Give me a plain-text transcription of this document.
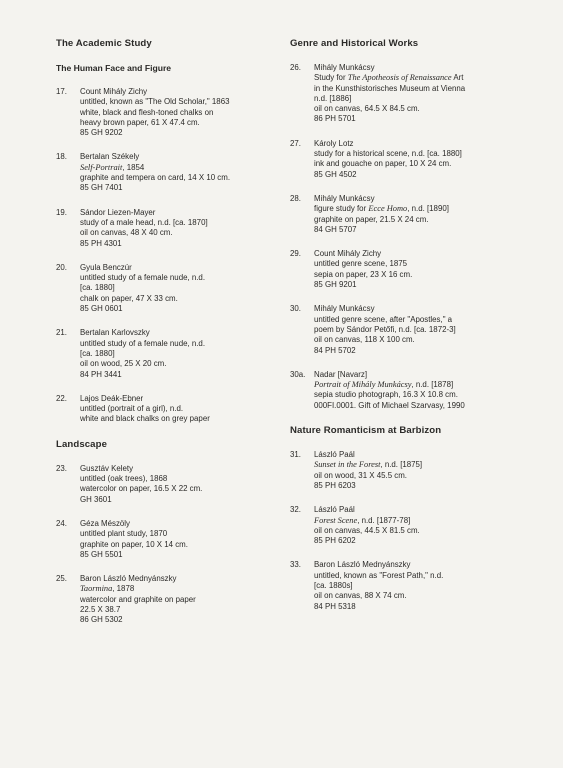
The Academic Study
The Human Face and Figure
17. Count Mihály Zichy
untitled, known as "The Old Scholar," 1863
white, black and flesh-toned chalks on
heavy brown paper, 61 X 47.4 cm.
85 GH 9202
18. Bertalan Székely
Self-Portrait, 1854
graphite and tempera on card, 14 X 10 cm.
85 GH 7401
19. Sándor Liezen-Mayer
study of a male head, n.d. [ca. 1870]
oil on canvas, 48 X 40 cm.
85 PH 4301
20. Gyula Benczúr
untitled study of a female nude, n.d.
[ca. 1880]
chalk on paper, 47 X 33 cm.
85 GH 0601
21. Bertalan Karlovszky
untitled study of a female nude, n.d.
[ca. 1880]
oil on wood, 25 X 20 cm.
84 PH 3441
22. Lajos Deák-Ebner
untitled (portrait of a girl), n.d.
white and black chalks on grey paper
Landscape
23. Gusztáv Kelety
untitled (oak trees), 1868
watercolor on paper, 16.5 X 22 cm.
GH 3601
24. Géza Mészöly
untitled plant study, 1870
graphite on paper, 10 X 14 cm.
85 GH 5501
25. Baron László Mednyánszky
Taormina, 1878
watercolor and graphite on paper
22.5 X 38.7
86 GH 5302
Genre and Historical Works
26. Mihály Munkácsy
Study for The Apotheosis of Renaissance Art
in the Kunsthistorisches Museum at Vienna
n.d. [1886]
oil on canvas, 64.5 X 84.5 cm.
86 PH 5701
27. Károly Lotz
study for a historical scene, n.d. [ca. 1880]
ink and gouache on paper, 10 X 24 cm.
85 GH 4502
28. Mihály Munkácsy
figure study for Ecce Homo, n.d. [1890]
graphite on paper, 21.5 X 24 cm.
84 GH 5707
29. Count Mihály Zichy
untitled genre scene, 1875
sepia on paper, 23 X 16 cm.
85 GH 9201
30. Mihály Munkácsy
untitled genre scene, after "Apostles," a
poem by Sándor Petőfi, n.d. [ca. 1872-3]
oil on canvas, 118 X 100 cm.
84 PH 5702
30a. Nadar [Navarz]
Portrait of Mihály Munkácsy, n.d. [1878]
sepia studio photograph, 16.3 X 10.8 cm.
000FI.0001. Gift of Michael Szarvasy, 1990
Nature Romanticism at Barbizon
31. László Paál
Sunset in the Forest, n.d. [1875]
oil on wood, 31 X 45.5 cm.
85 PH 6203
32. László Paál
Forest Scene, n.d. [1877-78]
oil on canvas, 44.5 X 81.5 cm.
85 PH 6202
33. Baron László Mednyánszky
untitled, known as "Forest Path," n.d.
[ca. 1880s]
oil on canvas, 88 X 74 cm.
84 PH 5318
